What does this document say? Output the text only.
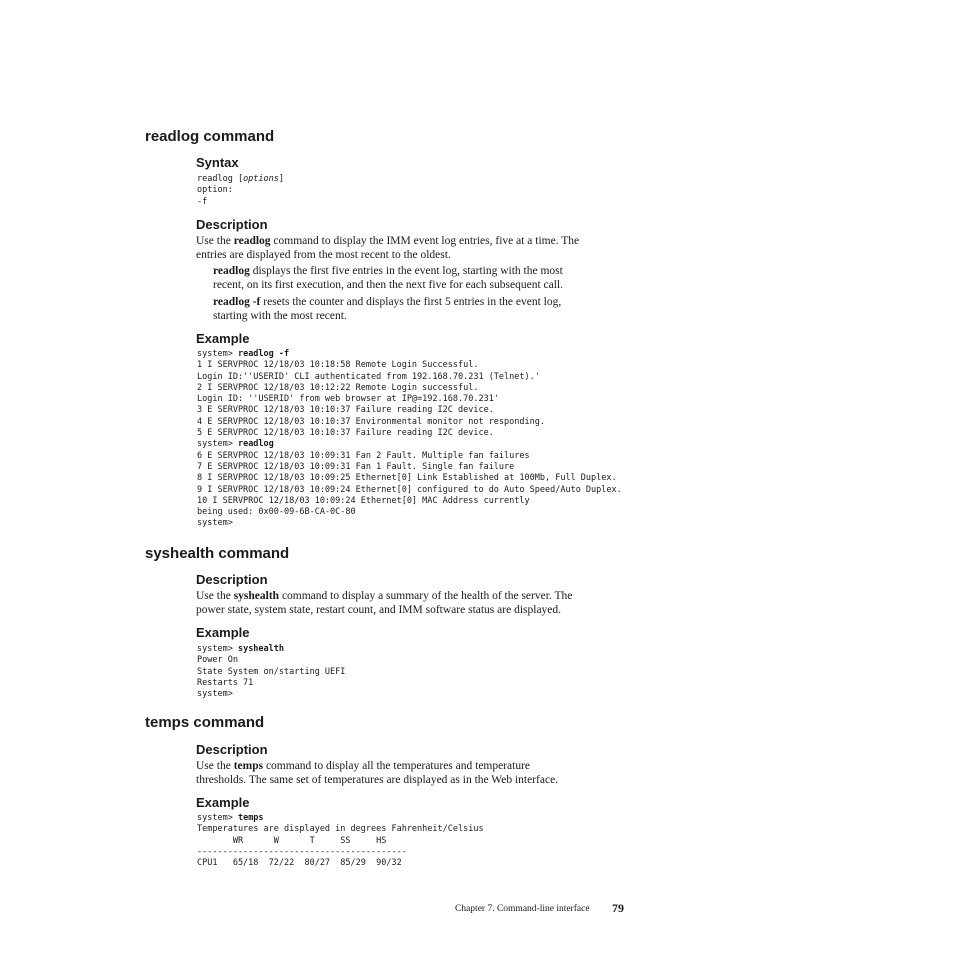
readlog command
Syntax
readlog [options]
option:
-f
Description
Use the readlog command to display the IMM event log entries, five at a time. The
entries are displayed from the most recent to the oldest.
readlog displays the first five entries in the event log, starting with the most
recent, on its first execution, and then the next five for each subsequent call.
readlog -f resets the counter and displays the first 5 entries in the event log,
starting with the most recent.
Example
system> readlog -f
1 I SERVPROC 12/18/03 10:18:58 Remote Login Successful.
Login ID:''USERID' CLI authenticated from 192.168.70.231 (Telnet).'
2 I SERVPROC 12/18/03 10:12:22 Remote Login successful.
Login ID: ''USERID' from web browser at IP@=192.168.70.231'
3 E SERVPROC 12/18/03 10:10:37 Failure reading I2C device.
4 E SERVPROC 12/18/03 10:10:37 Environmental monitor not responding.
5 E SERVPROC 12/18/03 10:10:37 Failure reading I2C device.
system> readlog
6 E SERVPROC 12/18/03 10:09:31 Fan 2 Fault. Multiple fan failures
7 E SERVPROC 12/18/03 10:09:31 Fan 1 Fault. Single fan failure
8 I SERVPROC 12/18/03 10:09:25 Ethernet[0] Link Established at 100Mb, Full Duplex.
9 I SERVPROC 12/18/03 10:09:24 Ethernet[0] configured to do Auto Speed/Auto Duplex.
10 I SERVPROC 12/18/03 10:09:24 Ethernet[0] MAC Address currently
being used: 0x00-09-6B-CA-0C-80
system>
syshealth command
Description
Use the syshealth command to display a summary of the health of the server. The
power state, system state, restart count, and IMM software status are displayed.
Example
system> syshealth
Power On
State System on/starting UEFI
Restarts 71
system>
temps command
Description
Use the temps command to display all the temperatures and temperature
thresholds. The same set of temperatures are displayed as in the Web interface.
Example
system> temps
Temperatures are displayed in degrees Fahrenheit/Celsius
WR      W      T     SS     HS
-----------------------------------------
CPU1   65/18  72/22  80/27  85/29  90/32
Chapter 7. Command-line interface 79
